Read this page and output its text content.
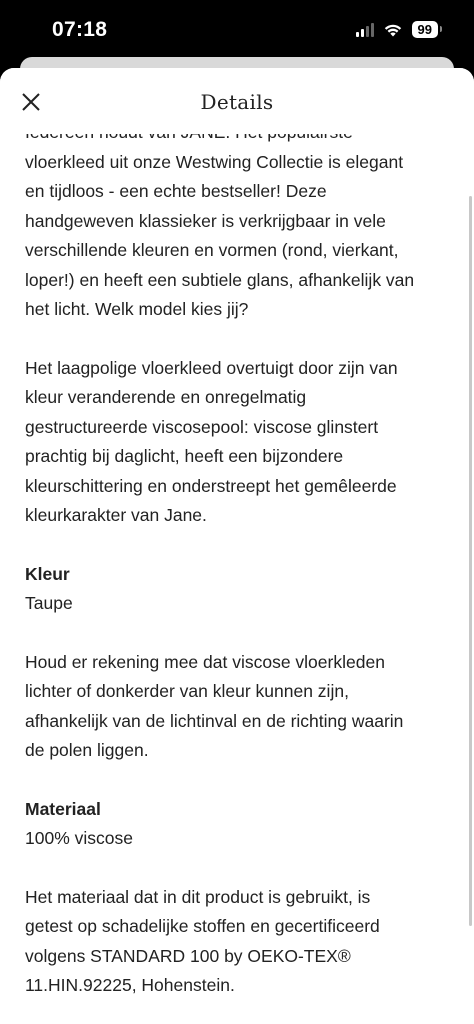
07:18	99
Details

vloerkleed uit onze Westwing Collectie is elegant

en tijdloos - een echte bestseller! Deze

handgeweven klassieker is verkrijgbaar in vele

verschillende kleuren en vormen (rond, vierkant,

loper!) en heeft een subtiele glans, afhankelijk van

het licht. Welk model kies jij?

Het laagpolige vloerkleed overtuigt door zijn van

kleur veranderende en onregelmatig

gestructureerde viscosepool: viscose glinstert

prachtig bij daglicht, heeft een bijzondere

kleurschittering en onderstreept het gemêleerde

kleurkarakter van Jane.

Kleur

Taupe

Houd er rekening mee dat viscose vloerkleden

lichter of donkerder van kleur kunnen zijn,

afhankelijk van de lichtinval en de richting waarin

de polen liggen.

Materiaal

100% viscose

Het materiaal dat in dit product is gebruikt, is

getest op schadelijke stoffen en gecertificeerd

volgens STANDARD 100 by OEKO-TEX®

11.HIN.92225, Hohenstein.
